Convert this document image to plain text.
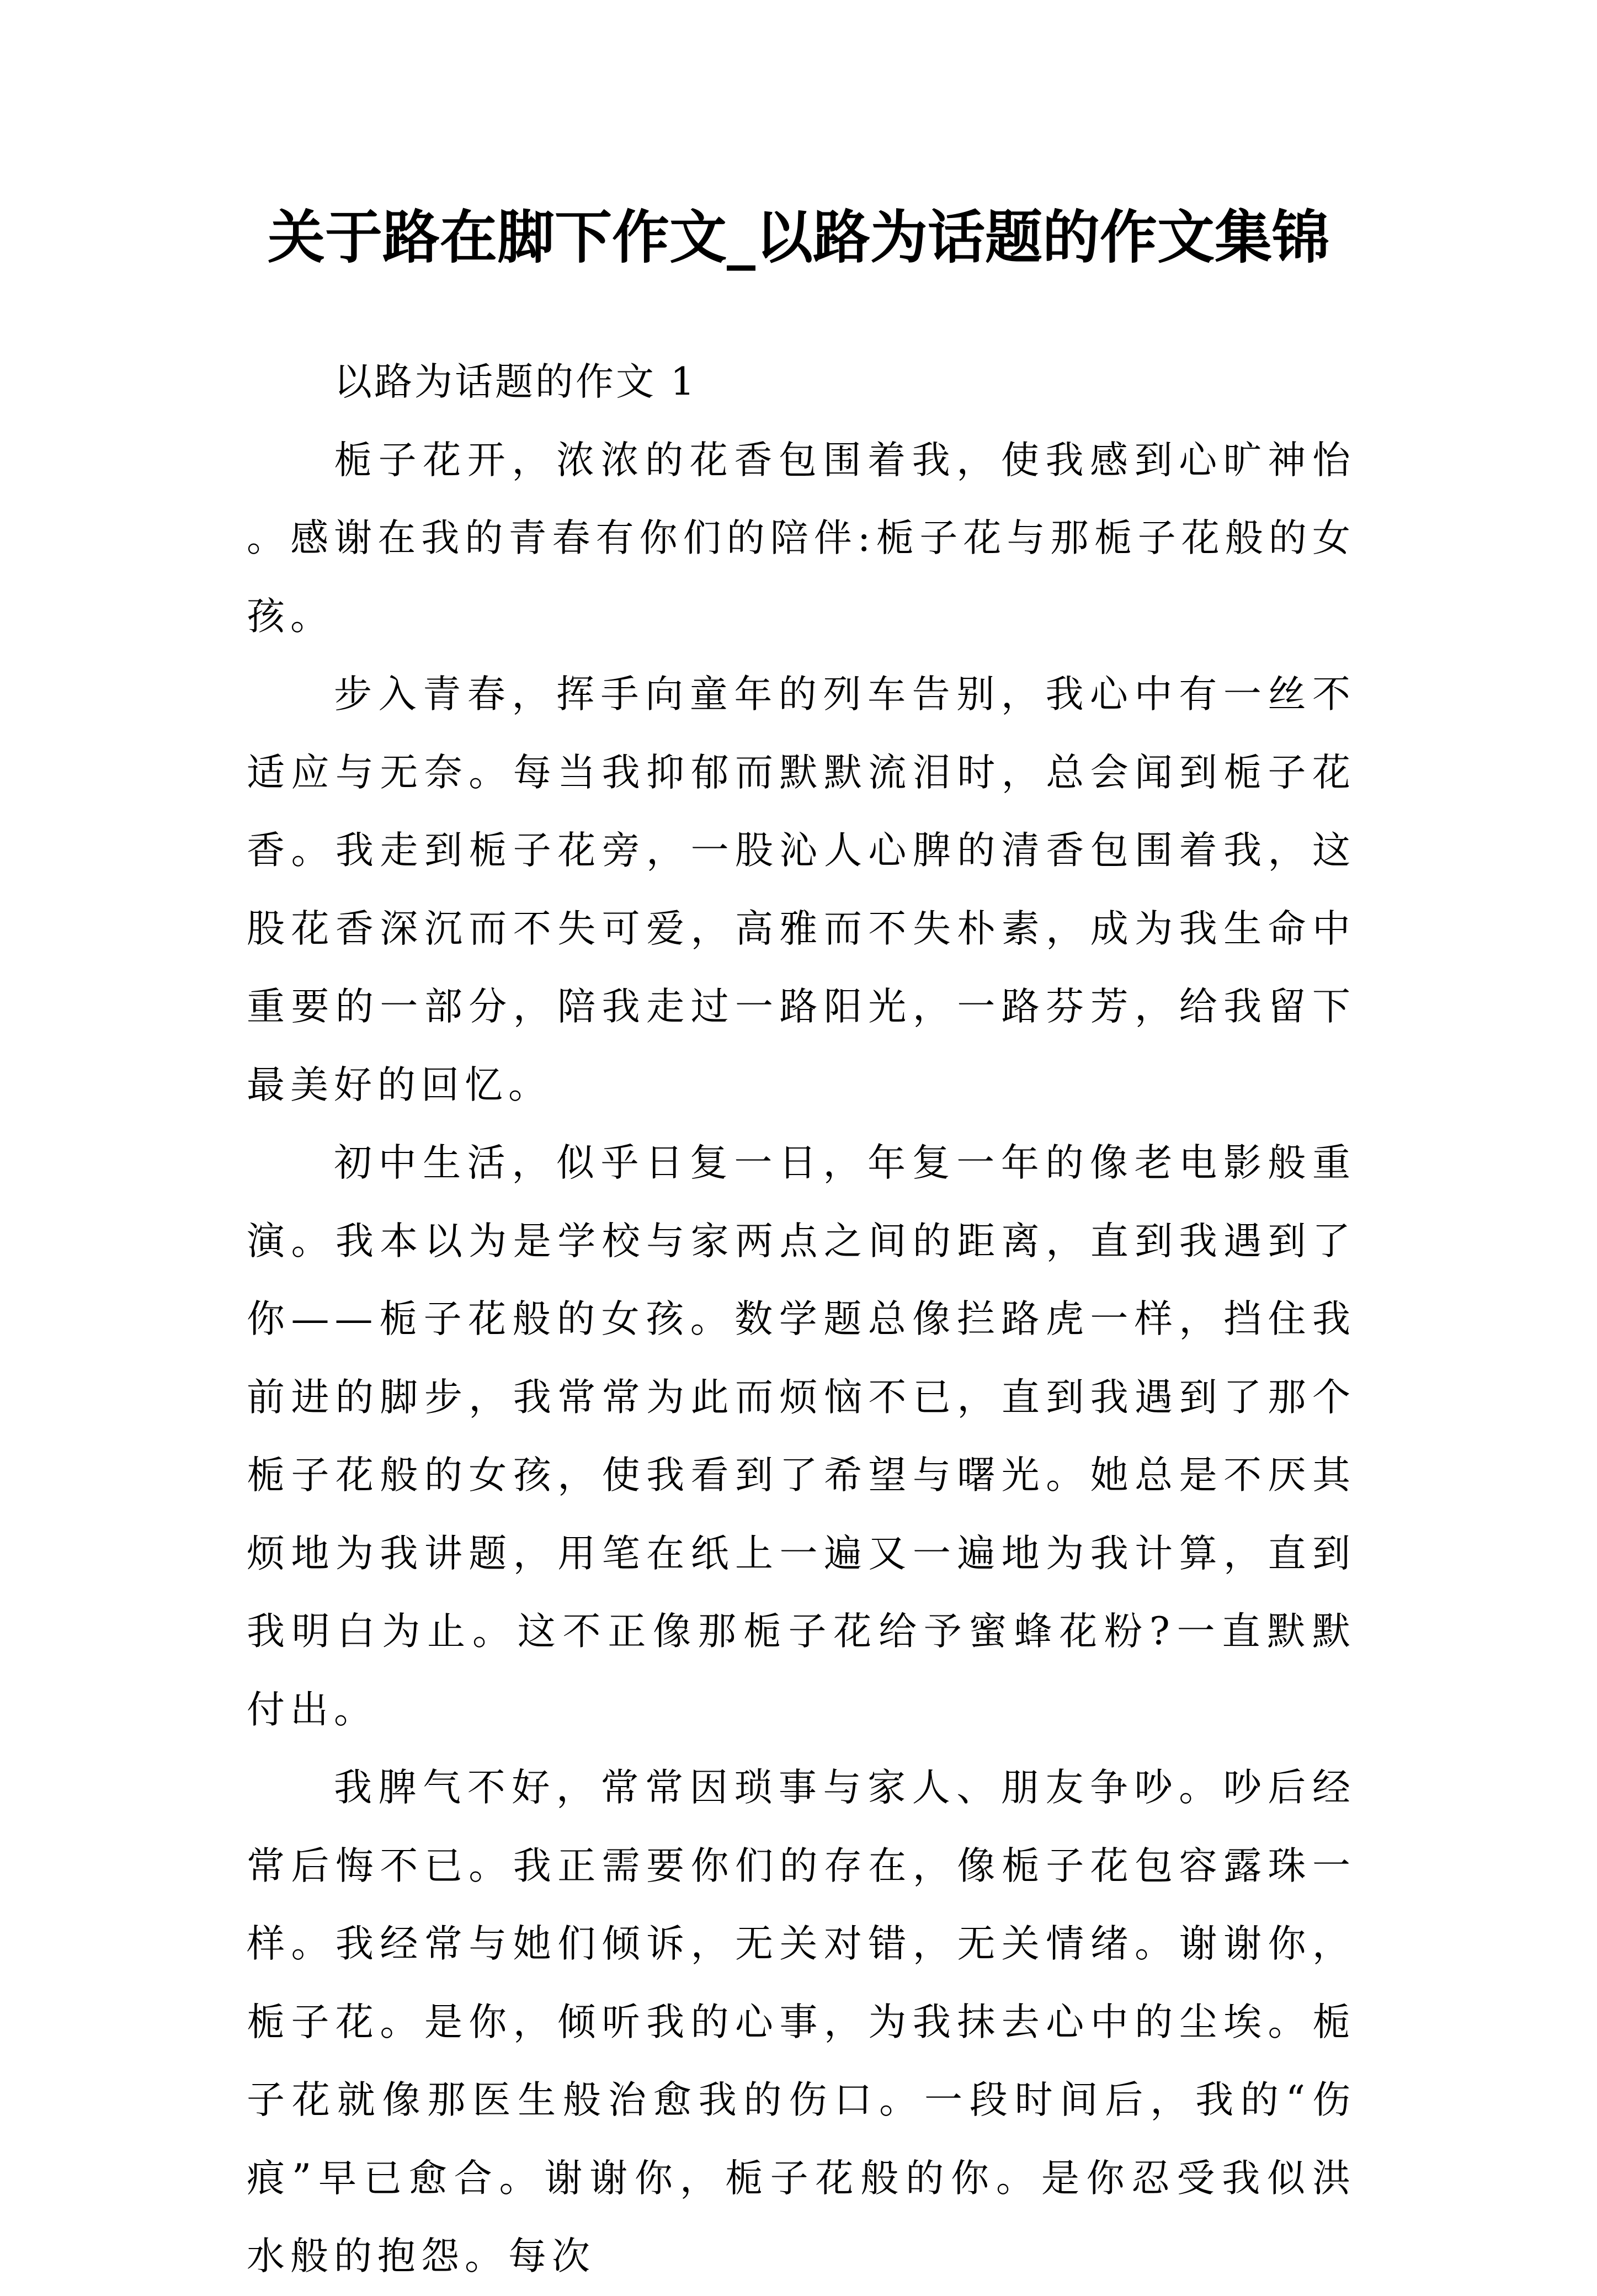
关于路在脚下作文_以路为话题的作文集锦

以路为话题的作文 1

栀子花开，浓浓的花香包围着我，使我感到心旷神怡。感谢在我的青春有你们的陪伴:栀子花与那栀子花般的女孩。

步入青春，挥手向童年的列车告别，我心中有一丝不适应与无奈。每当我抑郁而默默流泪时，总会闻到栀子花香。我走到栀子花旁，一股沁人心脾的清香包围着我，这股花香深沉而不失可爱，高雅而不失朴素，成为我生命中重要的一部分，陪我走过一路阳光，一路芬芳，给我留下最美好的回忆。

初中生活，似乎日复一日，年复一年的像老电影般重演。我本以为是学校与家两点之间的距离，直到我遇到了你——栀子花般的女孩。数学题总像拦路虎一样，挡住我前进的脚步，我常常为此而烦恼不已，直到我遇到了那个栀子花般的女孩，使我看到了希望与曙光。她总是不厌其烦地为我讲题，用笔在纸上一遍又一遍地为我计算，直到我明白为止。这不正像那栀子花给予蜜蜂花粉?一直默默付出。

我脾气不好，常常因琐事与家人、朋友争吵。吵后经常后悔不已。我正需要你们的存在，像栀子花包容露珠一样。我经常与她们倾诉，无关对错，无关情绪。谢谢你，栀子花。是你，倾听我的心事，为我抹去心中的尘埃。栀子花就像那医生般治愈我的伤口。一段时间后，我的“伤痕”早已愈合。谢谢你，栀子花般的你。是你忍受我似洪水般的抱怨。每次
